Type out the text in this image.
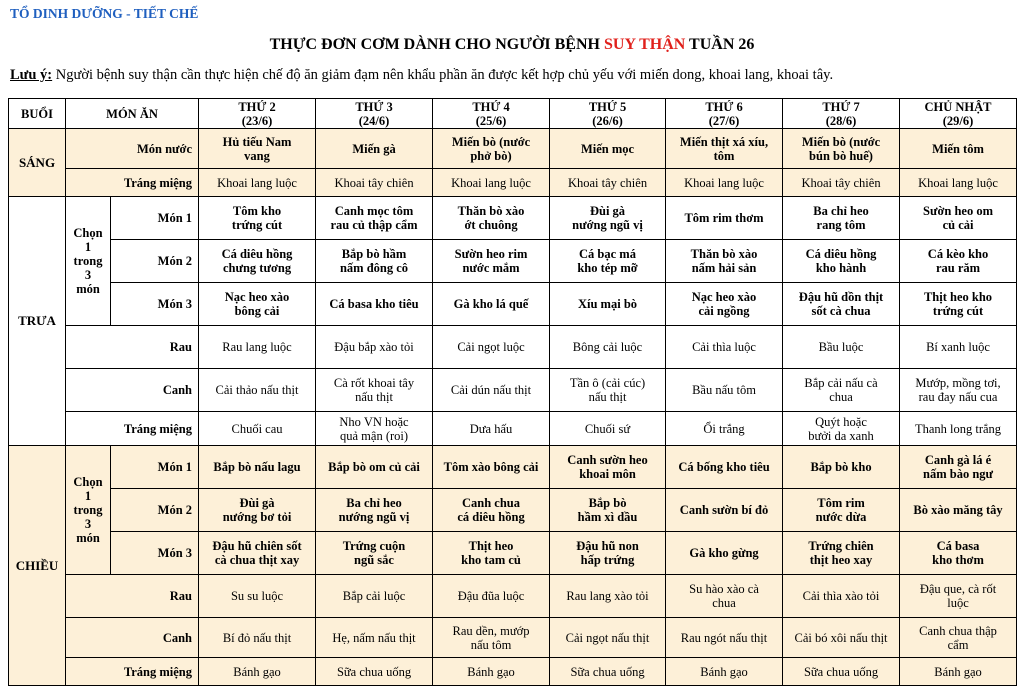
TỔ DINH DƯỠNG - TIẾT CHẾ
THỰC ĐƠN CƠM DÀNH CHO NGƯỜI BỆNH SUY THẬN TUẦN 26
Lưu ý: Người bệnh suy thận cần thực hiện chế độ ăn giảm đạm nên khẩu phần ăn được kết hợp chủ yếu với miến dong, khoai lang, khoai tây.
BUỔI	MÓN ĂN		THỨ 2
(23/6)	THỨ 3
(24/6)	THỨ 4
(25/6)	THỨ 5
(26/6)	THỨ 6
(27/6)	THỨ 7
(28/6)	CHỦ NHẬT
(29/6)
SÁNG	Món nước		Hủ tiếu Nam
vang	Miến gà	Miến bò (nước
phở bò)	Miến mọc	Miến thịt xá xíu,
tôm	Miến bò (nước
bún bò huế)	Miến tôm
	Tráng miệng		Khoai lang luộc	Khoai tây chiên	Khoai lang luộc	Khoai tây chiên	Khoai lang luộc	Khoai tây chiên	Khoai lang luộc
TRƯA	Chọn
1
trong
3
món	Món 1	Tôm kho
trứng cút	Canh mọc tôm
rau củ thập cẩm	Thăn bò xào
ớt chuông	Đùi gà
nướng ngũ vị	Tôm rim thơm	Ba chỉ heo
rang tôm	Sườn heo om
củ cải
		Món 2	Cá diêu hồng
chưng tương	Bắp bò hầm
nấm đông cô	Sườn heo rim
nước mắm	Cá bạc má
kho tép mỡ	Thăn bò xào
nấm hải sản	Cá diêu hồng
kho hành	Cá kèo kho
rau răm
		Món 3	Nạc heo xào
bông cải	Cá basa kho tiêu	Gà kho lá quế	Xíu mại bò	Nạc heo xào
cải ngồng	Đậu hũ dồn thịt
sốt cà chua	Thịt heo kho
trứng cút
	Rau		Rau lang luộc	Đậu bắp xào tỏi	Cải ngọt luộc	Bông cải luộc	Cải thìa luộc	Bầu luộc	Bí xanh luộc
	Canh		Cải thảo nấu thịt	Cà rốt khoai tây
nấu thịt	Cải dún nấu thịt	Tần ô (cải cúc)
nấu thịt	Bầu nấu tôm	Bắp cải nấu cà
chua	Mướp, mồng tơi,
rau đay nấu cua
	Tráng miệng		Chuối cau	Nho VN hoặc
quả mận (roi)	Dưa hấu	Chuối sứ	Ổi trắng	Quýt hoặc
bưởi da xanh	Thanh long trắng
CHIỀU	Chọn
1
trong
3
món	Món 1	Bắp bò nấu lagu	Bắp bò om củ cải	Tôm xào bông cải	Canh sườn heo
khoai môn	Cá bống kho tiêu	Bắp bò kho	Canh gà lá é
nấm bào ngư
		Món 2	Đùi gà
nướng bơ tỏi	Ba chỉ heo
nướng ngũ vị	Canh chua
cá diêu hồng	Bắp bò
hầm xì dầu	Canh sườn bí đỏ	Tôm rim
nước dừa	Bò xào măng tây
		Món 3	Đậu hũ chiên sốt
cà chua thịt xay	Trứng cuộn
ngũ sắc	Thịt heo
kho tam củ	Đậu hũ non
hấp trứng	Gà kho gừng	Trứng chiên
thịt heo xay	Cá basa
kho thơm
	Rau		Su su luộc	Bắp cải luộc	Đậu đũa luộc	Rau lang xào tỏi	Su hào xào cà
chua	Cải thìa xào tỏi	Đậu que, cà rốt
luộc
	Canh		Bí đỏ nấu thịt	Hẹ, nấm nấu thịt	Rau dền, mướp
nấu tôm	Cải ngọt nấu thịt	Rau ngót nấu thịt	Cải bó xôi nấu thịt	Canh chua thập
cẩm
	Tráng miệng		Bánh gạo	Sữa chua uống	Bánh gạo	Sữa chua uống	Bánh gạo	Sữa chua uống	Bánh gạo
